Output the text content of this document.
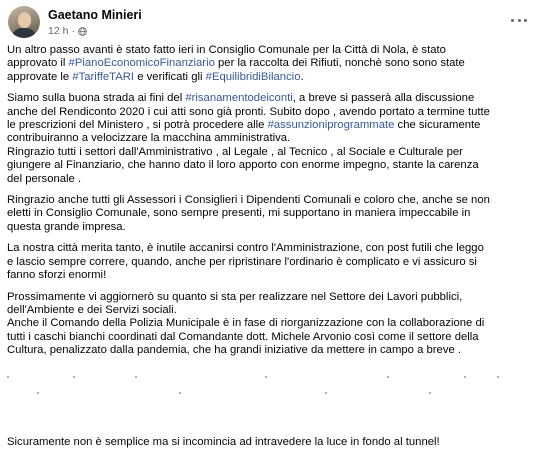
Gaetano Minieri
12 h ·
Un altro passo avanti è stato fatto ieri in Consiglio Comunale per la Città di Nola, è stato
approvato il #PianoEconomicoFinanziario per la raccolta dei Rifiuti, nonchè sono sono state
approvate le #TariffeTARI e verificati gli #EquilibridiBilancio.
Siamo sulla buona strada ai fini del #risanamentodeiconti, a breve si passerà alla discussione
anche del Rendiconto 2020 i cui atti sono già pronti. Subito dopo , avendo portato a termine tutte
le prescrizioni del Ministero , si potrà procedere alle #assunzioniprogrammate che sicuramente
contribuiranno a velocizzare la macchina amministrativa.
Ringrazio tutti i settori dall'Amministrativo , al Legale , al Tecnico , al Sociale e Culturale per
giungere al Finanziario, che hanno dato il loro apporto con enorme impegno, stante la carenza
del personale .
Ringrazio anche tutti gli Assessori i Consiglieri i Dipendenti Comunali e coloro che, anche se non
eletti in Consiglio Comunale, sono sempre presenti, mi supportano in maniera impeccabile in
questa grande impresa.
La nostra città merita tanto, è inutile accanirsi contro l'Amministrazione, con post futili che leggo
e lascio sempre correre, quando, anche per ripristinare l'ordinario è complicato e vi assicuro si
fanno sforzi enormi!
Prossimamente vi aggiornerò su quanto si sta per realizzare nel Settore dei Lavori pubblici,
dell'Ambiente e dei Servizi sociali.
Anche il Comando della Polizia Municipale è in fase di riorganizzazione con la collaborazione di
tutti i caschi bianchi coordinati dal Comandante dott. Michele Arvonio così come il settore della
Cultura, penalizzato dalla pandemia, che ha grandi iniziative da mettere in campo a breve .
Sicuramente non è semplice ma si incomincia ad intravedere la luce in fondo al tunnel!
